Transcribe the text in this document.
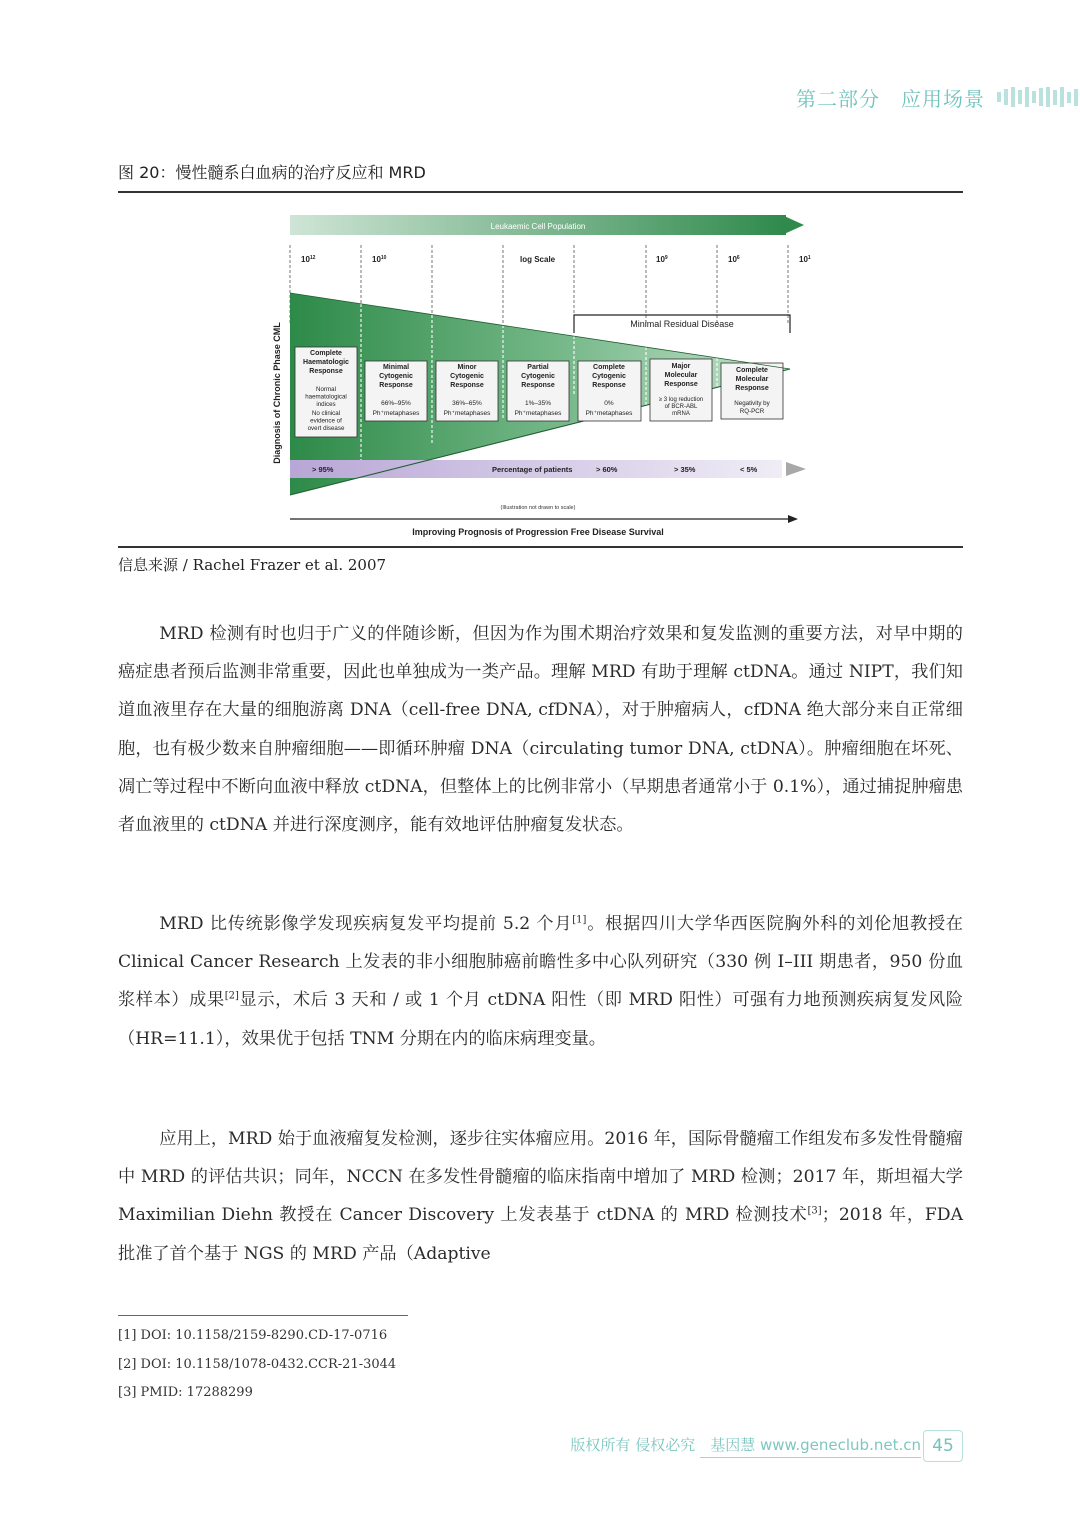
第二部分　应用场景
图 20：慢性髓系白血病的治疗反应和 MRD
Leukaemic Cell Population
$10^{12}$	$10^{10}$	log Scale	$10^9$	$10^6$	$10^1$
Minimal Residual Disease
Diagnosis of Chronic Phase CML
> 95%	Percentage of patients	> 60%	> 35%	< 5%
Complete Haematologic Response
Normal haematological indices No clinical evidence of overt disease
Minimal Cytogenic Response
66%–95% Ph⁺metaphases
Minor Cytogenic Response
36%–65% Ph⁺metaphases
Partial Cytogenic Response
1%–35% Ph⁺metaphases
Complete Cytogenic Response
0% Ph⁺metaphases
Major Molecular Response
≥ 3 log reduction of BCR-ABL mRNA
Complete Molecular Response
Negativity by RQ-PCR
(Illustration not drawn to scale)
Improving Prognosis of Progression Free Disease Survival
信息来源 / Rachel Frazer et al. 2007

MRD 检测有时也归于广义的伴随诊断，但因为作为围术期治疗效果和复发监测的重要方法，对早中期的癌症患者预后监测非常重要，因此也单独成为一类产品。理解 MRD 有助于理解 ctDNA。通过 NIPT，我们知道血液里存在大量的细胞游离 DNA（cell-free DNA, cfDNA），对于肿瘤病人，cfDNA 绝大部分来自正常细胞，也有极少数来自肿瘤细胞——即循环肿瘤 DNA（circulating tumor DNA, ctDNA）。肿瘤细胞在坏死、凋亡等过程中不断向血液中释放 ctDNA，但整体上的比例非常小（早期患者通常小于 0.1%），通过捕捉肿瘤患者血液里的 ctDNA 并进行深度测序，能有效地评估肿瘤复发状态。

MRD 比传统影像学发现疾病复发平均提前 5.2 个月[1]。根据四川大学华西医院胸外科的刘伦旭教授在 Clinical Cancer Research 上发表的非小细胞肺癌前瞻性多中心队列研究（330 例 I–III 期患者，950 份血浆样本）成果[2]显示，术后 3 天和 / 或 1 个月 ctDNA 阳性（即 MRD 阳性）可强有力地预测疾病复发风险（HR=11.1），效果优于包括 TNM 分期在内的临床病理变量。

应用上，MRD 始于血液瘤复发检测，逐步往实体瘤应用。2016 年，国际骨髓瘤工作组发布多发性骨髓瘤中 MRD 的评估共识；同年，NCCN 在多发性骨髓瘤的临床指南中增加了 MRD 检测；2017 年，斯坦福大学 Maximilian Diehn 教授在 Cancer Discovery 上发表基于 ctDNA 的 MRD 检测技术[3]；2018 年，FDA 批准了首个基于 NGS 的 MRD 产品（Adaptive

[1] DOI: 10.1158/2159-8290.CD-17-0716
[2] DOI: 10.1158/1078-0432.CCR-21-3044
[3] PMID: 17288299
版权所有 侵权必究　基因慧 www.geneclub.net.cn 45
